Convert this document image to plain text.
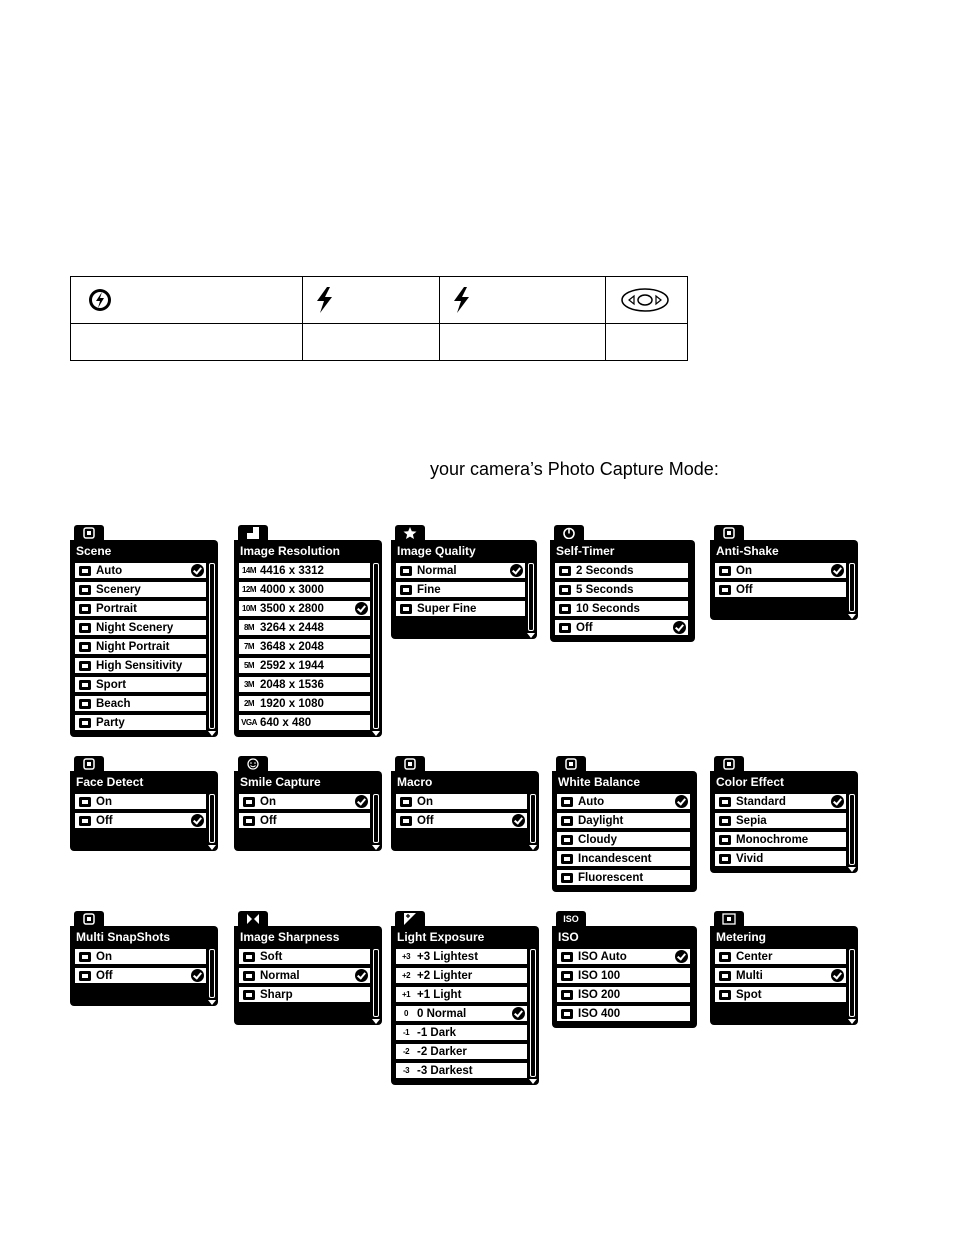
your camera’s Photo Capture Mode:
Scene
Auto
Scenery
Portrait
Night Scenery
Night Portrait
High Sensitivity
Sport
Beach
Party
Image Resolution
14M 4416 x 3312
12M 4000 x 3000
10M 3500 x 2800
8M 3264 x 2448
7M 3648 x 2048
5M 2592 x 1944
3M 2048 x 1536
2M 1920 x 1080
VGA 640 x 480
Image Quality
Normal
Fine
Super Fine
Self-Timer
2 Seconds
5 Seconds
10 Seconds
Off
Anti-Shake
On
Off
Face Detect
On
Off
Smile Capture
On
Off
Macro
On
Off
White Balance
Auto
Daylight
Cloudy
Incandescent
Fluorescent
Color Effect
Standard
Sepia
Monochrome
Vivid
Multi SnapShots
On
Off
Image Sharpness
Soft
Normal
Sharp
Light Exposure
+3 +3 Lightest
+2 +2 Lighter
+1 +1 Light
0 0 Normal
-1 -1 Dark
-2 -2 Darker
-3 -3 Darkest
ISO
ISO
ISO Auto
ISO 100
ISO 200
ISO 400
Metering
Center
Multi
Spot
